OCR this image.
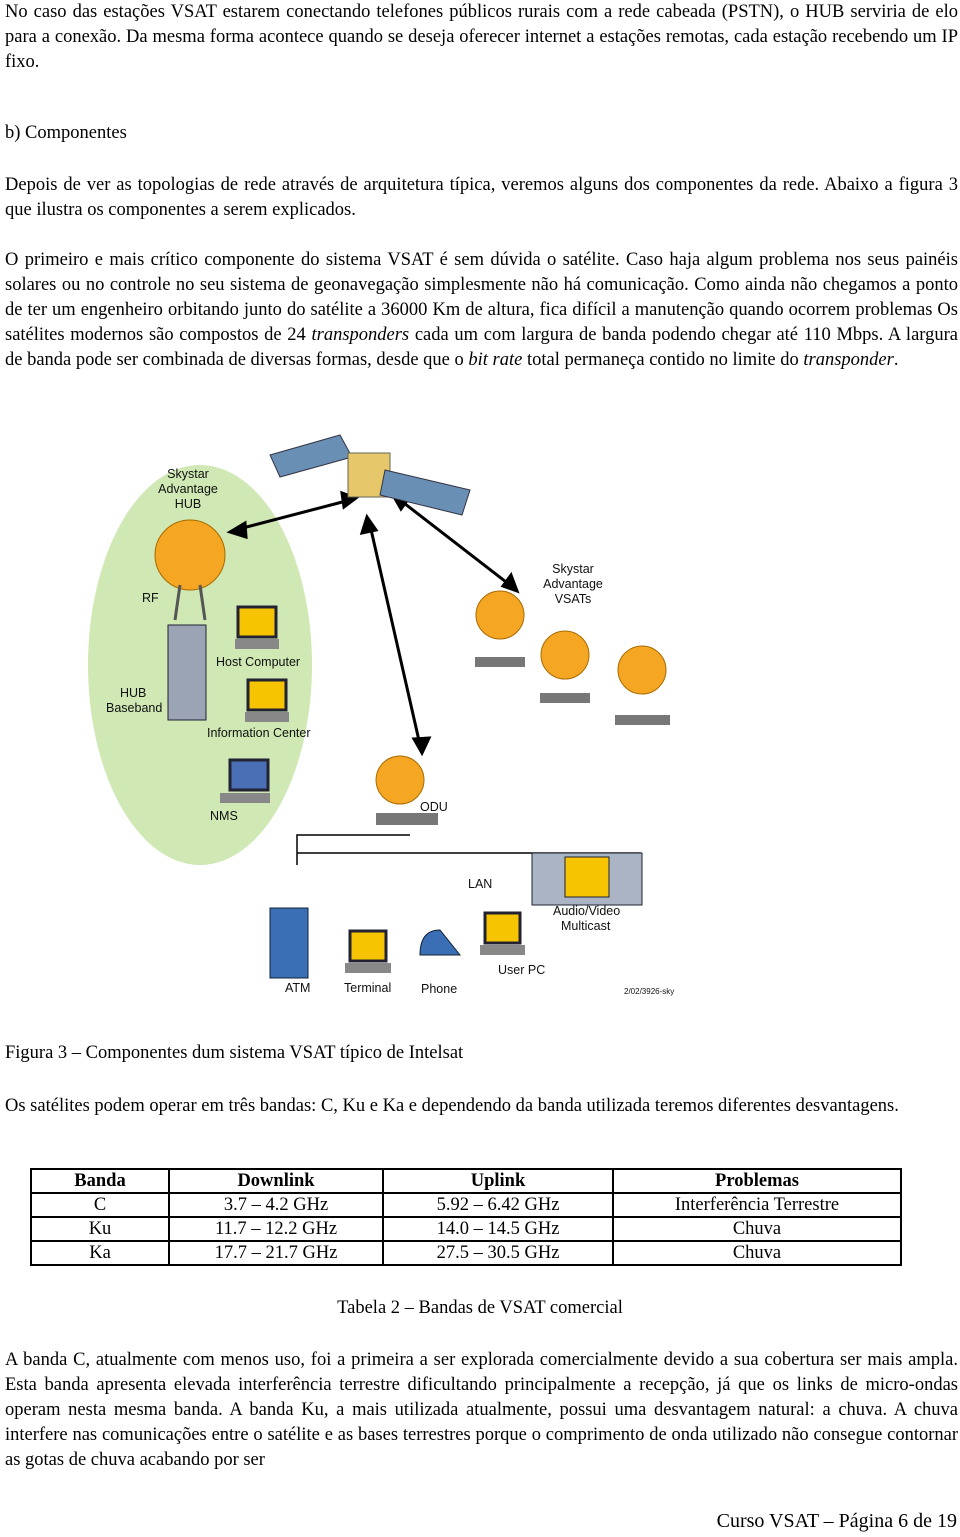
No caso das estações VSAT estarem conectando telefones públicos rurais com a rede cabeada (PSTN), o HUB serviria de elo para a conexão. Da mesma forma acontece quando se deseja oferecer internet a estações remotas, cada estação recebendo um IP fixo.

b) Componentes

Depois de ver as topologias de rede através de arquitetura típica, veremos alguns dos componentes da rede. Abaixo a figura 3 que ilustra os componentes a serem explicados.

O primeiro e mais crítico componente do sistema VSAT é sem dúvida o satélite. Caso haja algum problema nos seus painéis solares ou no controle no seu sistema de geonavegação simplesmente não há comunicação. Como ainda não chegamos a ponto de ter um engenheiro orbitando junto do satélite a 36000 Km de altura, fica difícil a manutenção quando ocorrem problemas Os satélites modernos são compostos de 24 transponders cada um com largura de banda podendo chegar até 110 Mbps. A largura de banda pode ser combinada de diversas formas, desde que o bit rate total permaneça contido no limite do transponder.

Skystar
Advantage
HUB
RF
HUB
Baseband
Host Computer
Information Center
NMS
Skystar
Advantage
VSATs
ODU
LAN
Audio/Video
Multicast
User PC
ATM	Terminal Phone	2/02/3926-sky

Figura 3 – Componentes dum sistema VSAT típico de Intelsat

Os satélites podem operar em três bandas: C, Ku e Ka e dependendo da banda utilizada teremos diferentes desvantagens.

Banda	Downlink	Uplink	Problemas
C	3.7 – 4.2 GHz	5.92 – 6.42 GHz	Interferência Terrestre
Ku	11.7 – 12.2 GHz	14.0 – 14.5 GHz	Chuva
Ka	17.7 – 21.7 GHz	27.5 – 30.5 GHz	Chuva

Tabela 2 – Bandas de VSAT comercial

A banda C, atualmente com menos uso, foi a primeira a ser explorada comercialmente devido a sua cobertura ser mais ampla. Esta banda apresenta elevada interferência terrestre dificultando principalmente a recepção, já que os links de micro-ondas operam nesta mesma banda. A banda Ku, a mais utilizada atualmente, possui uma desvantagem natural: a chuva. A chuva interfere nas comunicações entre o satélite e as bases terrestres porque o comprimento de onda utilizado não consegue contornar as gotas de chuva acabando por ser

Curso VSAT – Página 6 de 19
